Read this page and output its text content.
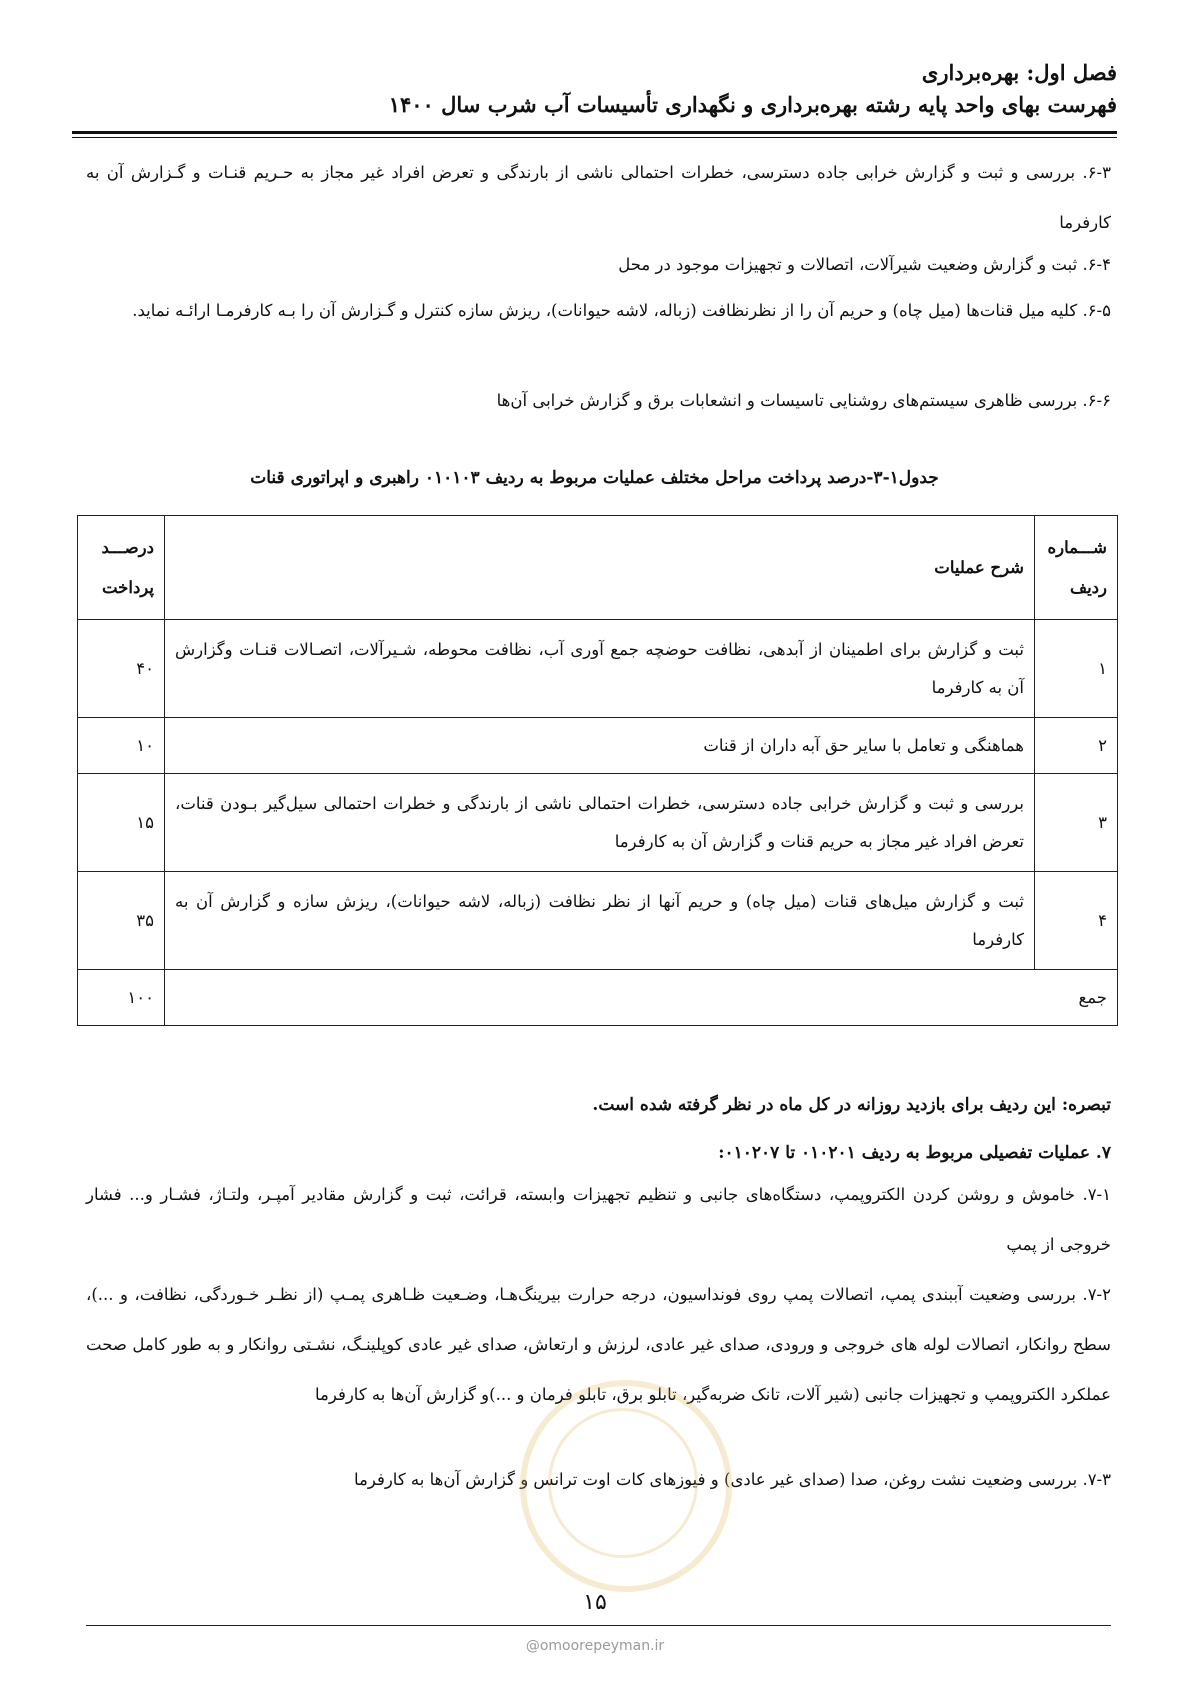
فصل اول: بهره‌برداری
فهرست بهای واحد پایه رشته بهره‌برداری و نگهداری تأسیسات آب شرب سال ۱۴۰۰
۶-۳. بررسی و ثبت و گزارش خرابی جاده دسترسی، خطرات احتمالی ناشی از بارندگی و تعرض افراد غیر مجاز به حـریم قنـات و گـزارش آن به کارفرما
۶-۴. ثبت و گزارش وضعیت شیرآلات، اتصالات و تجهیزات موجود در محل
۶-۵. کلیه میل قنات‌ها (میل چاه) و حریم آن را از نظرنظافت (زباله، لاشه حیوانات)، ریزش سازه کنترل و گـزارش آن را بـه کارفرمـا ارائـه نماید.
۶-۶. بررسی ظاهری سیستم‌های روشنایی تاسیسات و انشعابات برق و گزارش خرابی آن‌ها
جدول۱-۳-درصد پرداخت مراحل مختلف عملیات مربوط به ردیف ۰۱۰۱۰۳ راهبری و اپراتوری قنات
شـــماره ردیف	شرح عملیات	درصـــد پرداخت
۱	ثبت و گزارش برای اطمینان از آبدهی، نظافت حوضچه جمع آوری آب، نظافت محوطه، شـیرآلات، اتصـالات قنـات وگزارش آن به کارفرما	۴۰
۲	هماهنگی و تعامل با سایر حق آبه داران از قنات	۱۰
۳	بررسی و ثبت و گزارش خرابی جاده دسترسی، خطرات احتمالی ناشی از بارندگی و خطرات احتمالی سیل‌گیر بـودن قنات، تعرض افراد غیر مجاز به حریم قنات و گزارش آن به کارفرما	۱۵
۴	ثبت و گزارش میل‌های قنات (میل چاه) و حریم آنها از نظر نظافت (زباله، لاشه حیوانات)، ریزش سازه و گزارش آن به کارفرما	۳۵
جمع		۱۰۰
تبصره: این ردیف برای بازدید روزانه در کل ماه در نظر گرفته شده است.
۷. عملیات تفصیلی مربوط به ردیف ۰۱۰۲۰۱ تا ۰۱۰۲۰۷:
۷-۱. خاموش و روشن کردن الکتروپمپ، دستگاه‌های جانبی و تنظیم تجهیزات وابسته، قرائت، ثبت و گزارش مقادیر آمپـر، ولتـاژ، فشـار و... فشار خروجی از پمپ
۷-۲. بررسی وضعیت آببندی پمپ، اتصالات پمپ روی فونداسیون، درجه حرارت بیرینگ‌هـا، وضـعیت ظـاهری پمـپ (از نظـر خـوردگی، نظافت، و ...)، سطح روانکار، اتصالات لوله های خروجی و ورودی، صدای غیر عادی، لرزش و ارتعاش، صدای غیر عادی کوپلینـگ، نشـتی روانکار و به طور کامل صحت عملکرد الکتروپمپ و تجهیزات جانبی (شیر آلات، تانک ضربه‌گیر، تابلو برق، تابلو فرمان و ...)و گزارش آن‌ها به کارفرما
۷-۳. بررسی وضعیت نشت روغن، صدا (صدای غیر عادی) و فیوزهای کات اوت ترانس و گزارش آن‌ها به کارفرما
۱۵
@omoorepeyman.ir
